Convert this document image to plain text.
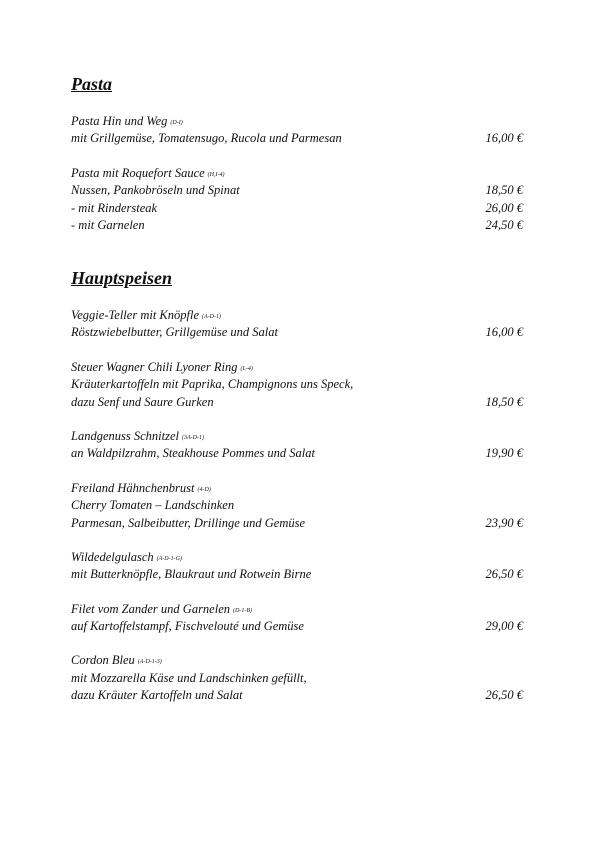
Pasta
Pasta Hin und Weg (D-I)
mit Grillgemüse, Tomatensugo, Rucola und Parmesan	16,00 €
Pasta mit Roquefort Sauce (H,I-4)
Nussen, Pankobröseln und Spinat	18,50 €
- mit Rindersteak	26,00 €
- mit Garnelen	24,50 €
Hauptspeisen
Veggie-Teller mit Knöpfle (A-D-1)
Röstzwiebelbutter, Grillgemüse und Salat	16,00 €
Steuer Wagner Chili Lyoner Ring (L-4)
Kräuterkartoffeln mit Paprika, Champignons uns Speck,
dazu Senf und Saure Gurken	18,50 €
Landgenuss Schnitzel (3A-D-1)
an Waldpilzrahm, Steakhouse Pommes und Salat	19,90 €
Freiland Hähnchenbrust (4-D)
Cherry Tomaten – Landschinken
Parmesan, Salbeibutter, Drillinge und Gemüse	23,90 €
Wildedelgulasch (A-D-1-G)
mit Butterknöpfle, Blaukraut und Rotwein Birne	26,50 €
Filet vom Zander und Garnelen (D-1-B)
auf Kartoffelstampf, Fischvelouté und Gemüse	29,00 €
Cordon Bleu (A-D-1-3)
mit Mozzarella Käse und Landschinken gefüllt,
dazu Kräuter Kartoffeln und Salat	26,50 €
